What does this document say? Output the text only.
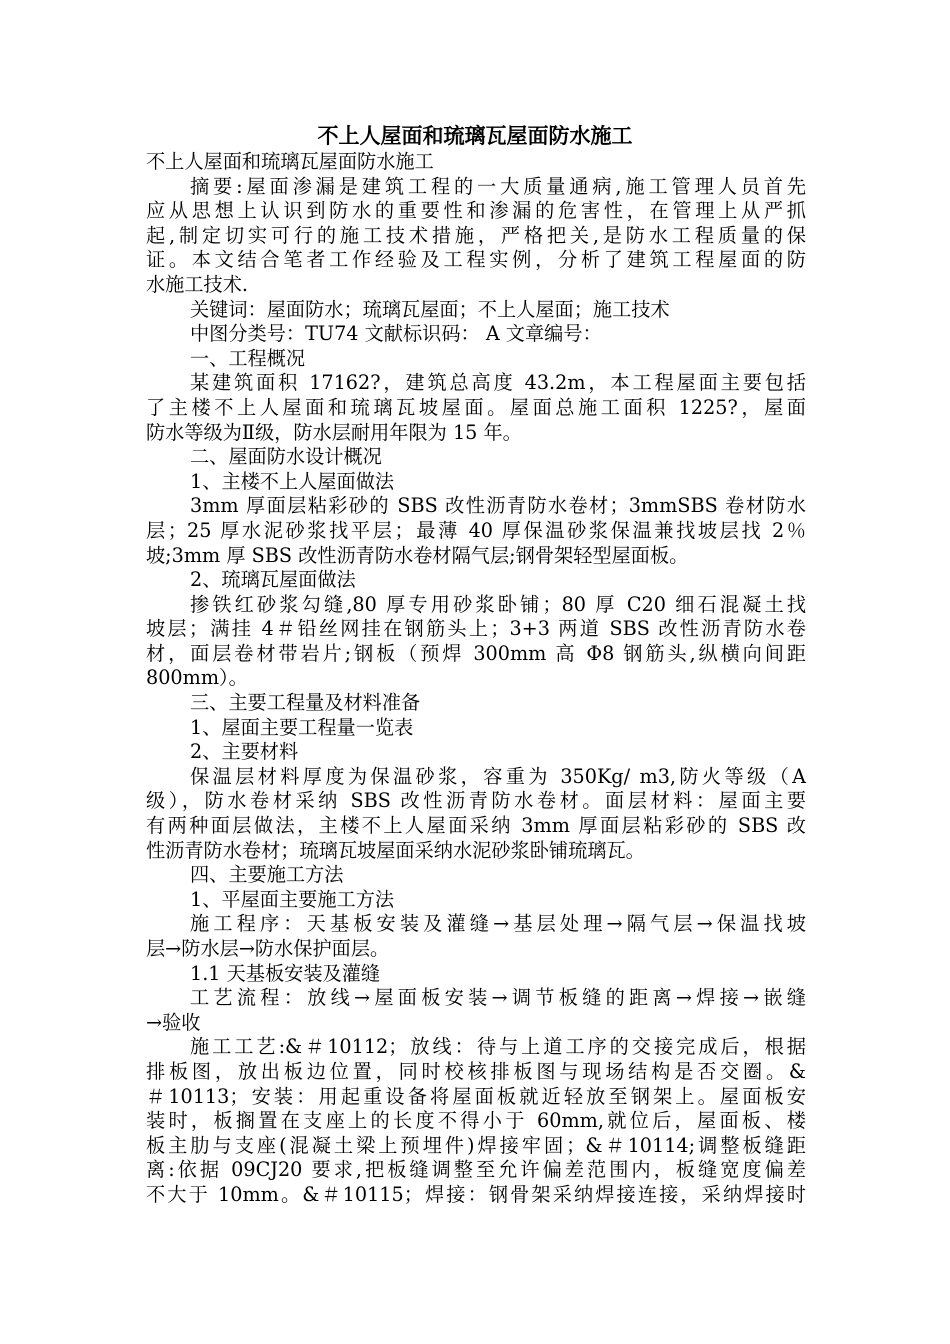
不上人屋面和琉璃瓦屋面防水施工
不上人屋面和琉璃瓦屋面防水施工
摘要:屋面渗漏是建筑工程的一大质量通病,施工管理人员首先
应从思想上认识到防水的重要性和渗漏的危害性，在管理上从严抓
起,制定切实可行的施工技术措施，严格把关,是防水工程质量的保
证。本文结合笔者工作经验及工程实例，分析了建筑工程屋面的防
水施工技术.
关键词：屋面防水；琉璃瓦屋面；不上人屋面；施工技术
中图分类号：TU74 文献标识码： A 文章编号：
一、工程概况
某建筑面积 17162?，建筑总高度 43.2m，本工程屋面主要包括
了主楼不上人屋面和琉璃瓦坡屋面。屋面总施工面积 1225?，屋面
防水等级为Ⅱ级，防水层耐用年限为 15 年。
二、屋面防水设计概况
1、主楼不上人屋面做法
3mm 厚面层粘彩砂的 SBS 改性沥青防水卷材；3mmSBS 卷材防水
层；25 厚水泥砂浆找平层；最薄 40 厚保温砂浆保温兼找坡层找 2％
坡;3mm 厚 SBS 改性沥青防水卷材隔气层;钢骨架轻型屋面板。
2、琉璃瓦屋面做法
掺铁红砂浆勾缝,80 厚专用砂浆卧铺；80 厚 C20 细石混凝土找
坡层；满挂 4＃铅丝网挂在钢筋头上；3+3 两道 SBS 改性沥青防水卷
材，面层卷材带岩片;钢板（预焊 300mm 高 Φ8 钢筋头,纵横向间距
800mm）。
三、主要工程量及材料准备
1、屋面主要工程量一览表
2、主要材料
保温层材料厚度为保温砂浆，容重为 350Kg/ m3,防火等级（A
级），防水卷材采纳 SBS 改性沥青防水卷材。面层材料：屋面主要
有两种面层做法，主楼不上人屋面采纳 3mm 厚面层粘彩砂的 SBS 改
性沥青防水卷材；琉璃瓦坡屋面采纳水泥砂浆卧铺琉璃瓦。
四、主要施工方法
1、平屋面主要施工方法
施工程序：天基板安装及灌缝→基层处理→隔气层→保温找坡
层→防水层→防水保护面层。
1.1 天基板安装及灌缝
工艺流程：放线→屋面板安装→调节板缝的距离→焊接→嵌缝
→验收
施工工艺:&＃10112；放线：待与上道工序的交接完成后，根据
排板图，放出板边位置，同时校核排板图与现场结构是否交圈。&
＃10113；安装：用起重设备将屋面板就近轻放至钢架上。屋面板安
装时，板搁置在支座上的长度不得小于 60mm,就位后，屋面板、楼
板主肋与支座(混凝土梁上预埋件)焊接牢固；&＃10114;调整板缝距
离:依据 09CJ20 要求,把板缝调整至允许偏差范围内，板缝宽度偏差
不大于 10mm。&＃10115；焊接：钢骨架采纳焊接连接，采纳焊接时
